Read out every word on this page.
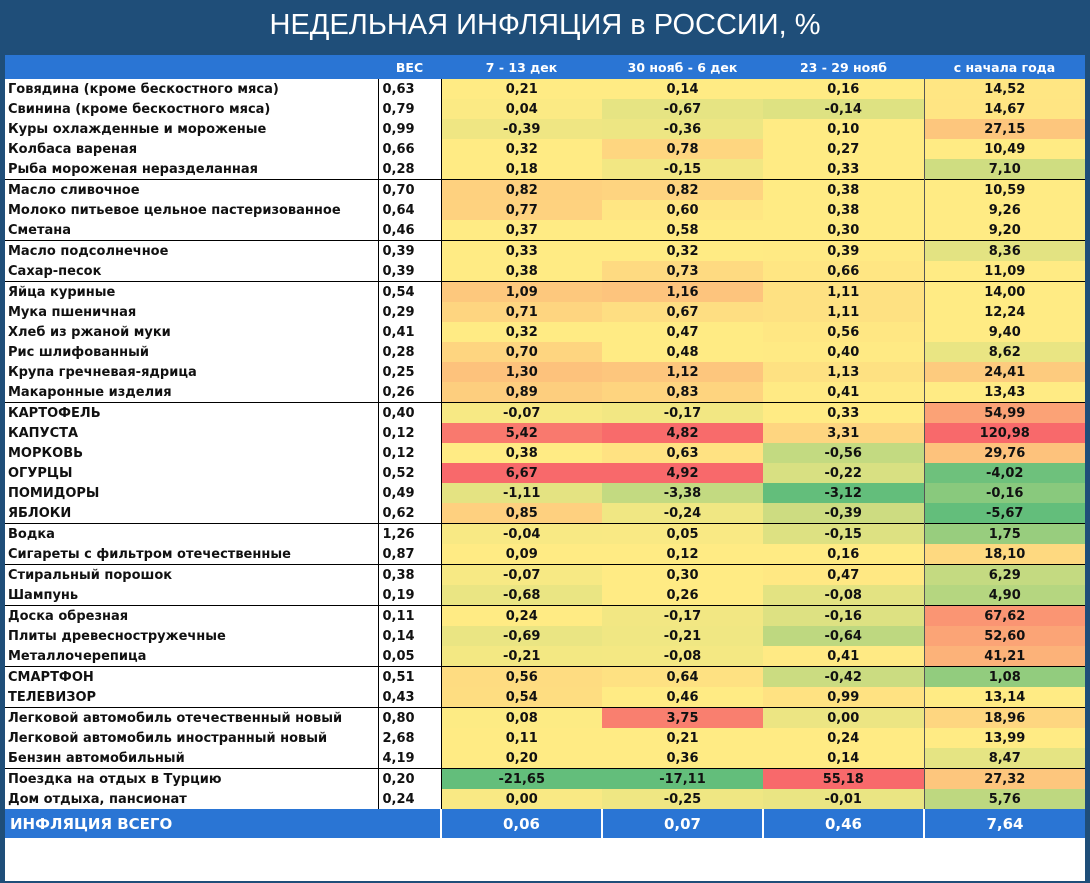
НЕДЕЛЬНАЯ ИНФЛЯЦИЯ в РОССИИ, %
	ВЕС	7 - 13 дек	30 нояб - 6 дек	23 - 29 нояб	с начала года
Говядина (кроме бескостного мяса)	0,63	0,21	0,14	0,16	14,52
Свинина (кроме бескостного мяса)	0,79	0,04	-0,67	-0,14	14,67
Куры охлажденные и мороженые	0,99	-0,39	-0,36	0,10	27,15
Колбаса вареная	0,66	0,32	0,78	0,27	10,49
Рыба мороженая неразделанная	0,28	0,18	-0,15	0,33	7,10
Масло сливочное	0,70	0,82	0,82	0,38	10,59
Молоко питьевое цельное пастеризованное	0,64	0,77	0,60	0,38	9,26
Сметана	0,46	0,37	0,58	0,30	9,20
Масло подсолнечное	0,39	0,33	0,32	0,39	8,36
Сахар-песок	0,39	0,38	0,73	0,66	11,09
Яйца куриные	0,54	1,09	1,16	1,11	14,00
Мука пшеничная	0,29	0,71	0,67	1,11	12,24
Хлеб из ржаной муки	0,41	0,32	0,47	0,56	9,40
Рис шлифованный	0,28	0,70	0,48	0,40	8,62
Крупа гречневая-ядрица	0,25	1,30	1,12	1,13	24,41
Макаронные изделия	0,26	0,89	0,83	0,41	13,43
КАРТОФЕЛЬ	0,40	-0,07	-0,17	0,33	54,99
КАПУСТА	0,12	5,42	4,82	3,31	120,98
МОРКОВЬ	0,12	0,38	0,63	-0,56	29,76
ОГУРЦЫ	0,52	6,67	4,92	-0,22	-4,02
ПОМИДОРЫ	0,49	-1,11	-3,38	-3,12	-0,16
ЯБЛОКИ	0,62	0,85	-0,24	-0,39	-5,67
Водка	1,26	-0,04	0,05	-0,15	1,75
Сигареты с фильтром отечественные	0,87	0,09	0,12	0,16	18,10
Стиральный порошок	0,38	-0,07	0,30	0,47	6,29
Шампунь	0,19	-0,68	0,26	-0,08	4,90
Доска обрезная	0,11	0,24	-0,17	-0,16	67,62
Плиты древесностружечные	0,14	-0,69	-0,21	-0,64	52,60
Металлочерепица	0,05	-0,21	-0,08	0,41	41,21
СМАРТФОН	0,51	0,56	0,64	-0,42	1,08
ТЕЛЕВИЗОР	0,43	0,54	0,46	0,99	13,14
Легковой автомобиль отечественный новый	0,80	0,08	3,75	0,00	18,96
Легковой автомобиль иностранный новый	2,68	0,11	0,21	0,24	13,99
Бензин автомобильный	4,19	0,20	0,36	0,14	8,47
Поездка на отдых в Турцию	0,20	-21,65	-17,11	55,18	27,32
Дом отдыха, пансионат	0,24	0,00	-0,25	-0,01	5,76
ИНФЛЯЦИЯ ВСЕГО		0,06	0,07	0,46	7,64
